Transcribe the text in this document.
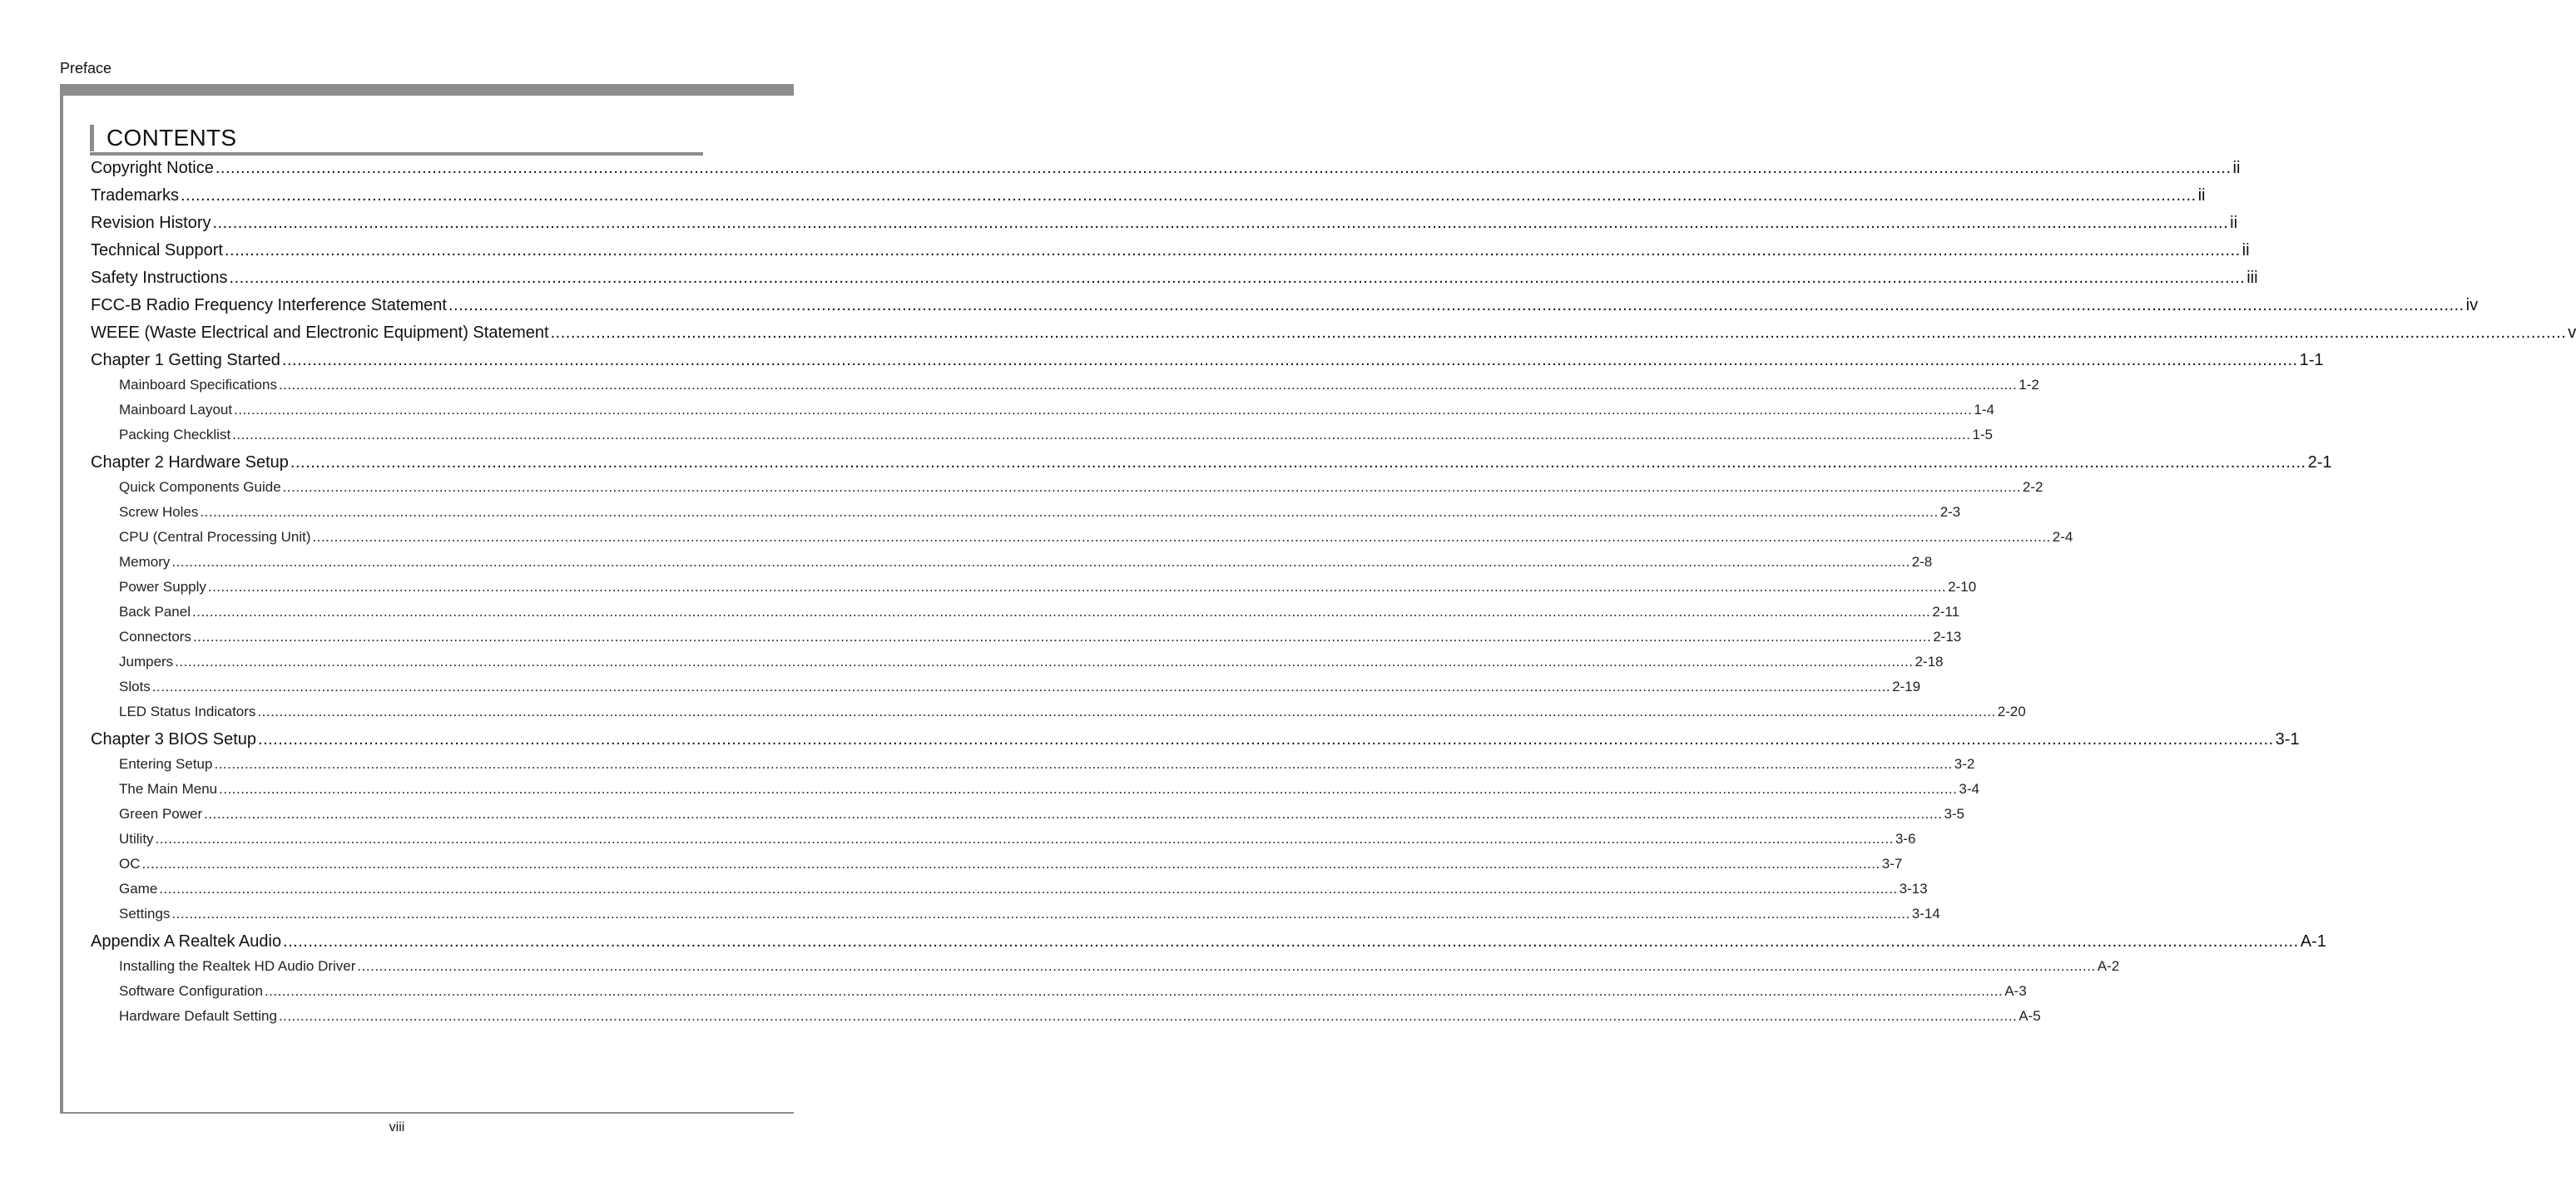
Preface
CONTENTS
Copyright Notice ................................................................................................................................................................................................................................................................................................................................................................................................................ ii
Trademarks ................................................................................................................................................................................................................................................................................................................................................................................................................ ii
Revision History ................................................................................................................................................................................................................................................................................................................................................................................................................ ii
Technical Support ................................................................................................................................................................................................................................................................................................................................................................................................................ ii
Safety Instructions ................................................................................................................................................................................................................................................................................................................................................................................................................ iii
FCC-B Radio Frequency Interference Statement ................................................................................................................................................................................................................................................................................................................................................................................................................ iv
WEEE (Waste Electrical and Electronic Equipment) Statement ................................................................................................................................................................................................................................................................................................................................................................................................................ v
Chapter 1 Getting Started ................................................................................................................................................................................................................................................................................................................................................................................................................ 1-1
Mainboard Specifications ................................................................................................................................................................................................................................................................................................................................................................................................................ 1-2
Mainboard Layout ................................................................................................................................................................................................................................................................................................................................................................................................................ 1-4
Packing Checklist ................................................................................................................................................................................................................................................................................................................................................................................................................ 1-5
Chapter 2 Hardware Setup ................................................................................................................................................................................................................................................................................................................................................................................................................ 2-1
Quick Components Guide ................................................................................................................................................................................................................................................................................................................................................................................................................ 2-2
Screw Holes ................................................................................................................................................................................................................................................................................................................................................................................................................ 2-3
CPU (Central Processing Unit) ................................................................................................................................................................................................................................................................................................................................................................................................................ 2-4
Memory ................................................................................................................................................................................................................................................................................................................................................................................................................ 2-8
Power Supply ................................................................................................................................................................................................................................................................................................................................................................................................................ 2-10
Back Panel ................................................................................................................................................................................................................................................................................................................................................................................................................ 2-11
Connectors ................................................................................................................................................................................................................................................................................................................................................................................................................ 2-13
Jumpers ................................................................................................................................................................................................................................................................................................................................................................................................................ 2-18
Slots ................................................................................................................................................................................................................................................................................................................................................................................................................ 2-19
LED Status Indicators ................................................................................................................................................................................................................................................................................................................................................................................................................ 2-20
Chapter 3 BIOS Setup ................................................................................................................................................................................................................................................................................................................................................................................................................ 3-1
Entering Setup ................................................................................................................................................................................................................................................................................................................................................................................................................ 3-2
The Main Menu ................................................................................................................................................................................................................................................................................................................................................................................................................ 3-4
Green Power ................................................................................................................................................................................................................................................................................................................................................................................................................ 3-5
Utility ................................................................................................................................................................................................................................................................................................................................................................................................................ 3-6
OC ................................................................................................................................................................................................................................................................................................................................................................................................................ 3-7
Game ................................................................................................................................................................................................................................................................................................................................................................................................................ 3-13
Settings ................................................................................................................................................................................................................................................................................................................................................................................................................ 3-14
Appendix A Realtek Audio ................................................................................................................................................................................................................................................................................................................................................................................................................ A-1
Installing the Realtek HD Audio Driver ................................................................................................................................................................................................................................................................................................................................................................................................................ A-2
Software Configuration ................................................................................................................................................................................................................................................................................................................................................................................................................ A-3
Hardware Default Setting ................................................................................................................................................................................................................................................................................................................................................................................................................ A-5
viii
